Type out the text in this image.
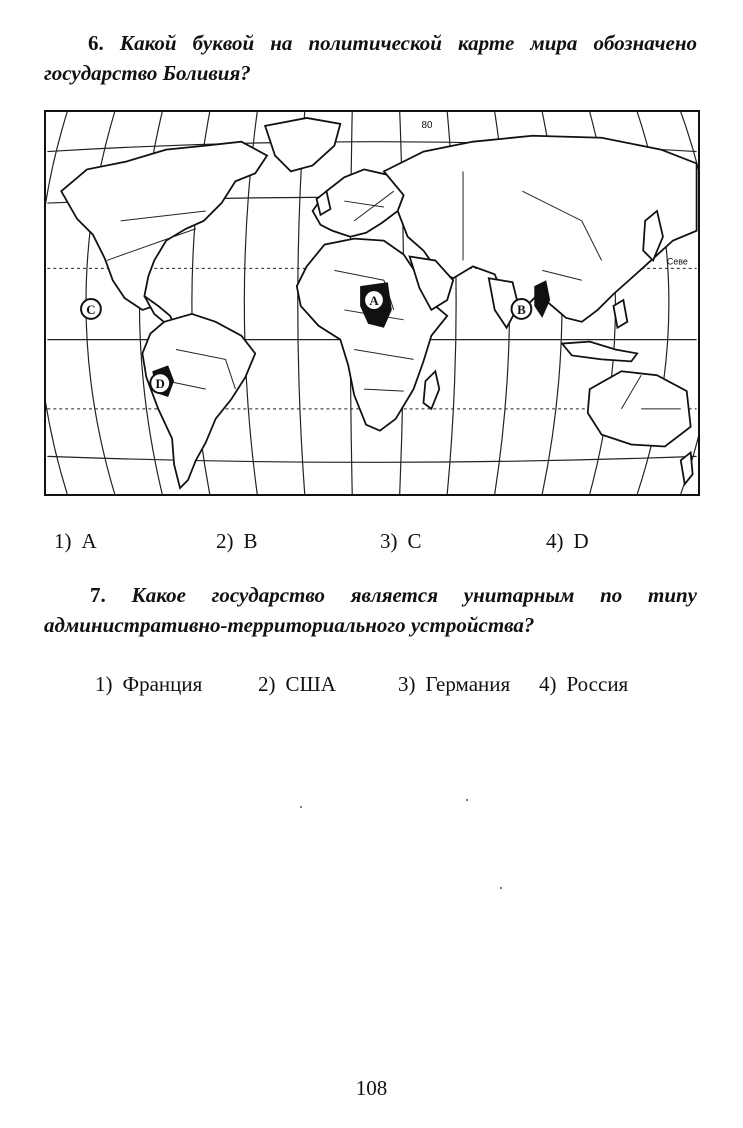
6. Какой буквой на политической карте мира обозначено государство Боливия?
80
Севе
A
B
C
D
1) A	2) B	3) C	4) D
7. Какое государство является унитарным по типу административно-территориального устройства?
1) Франция	2) США	3) Германия 4) Россия
108
